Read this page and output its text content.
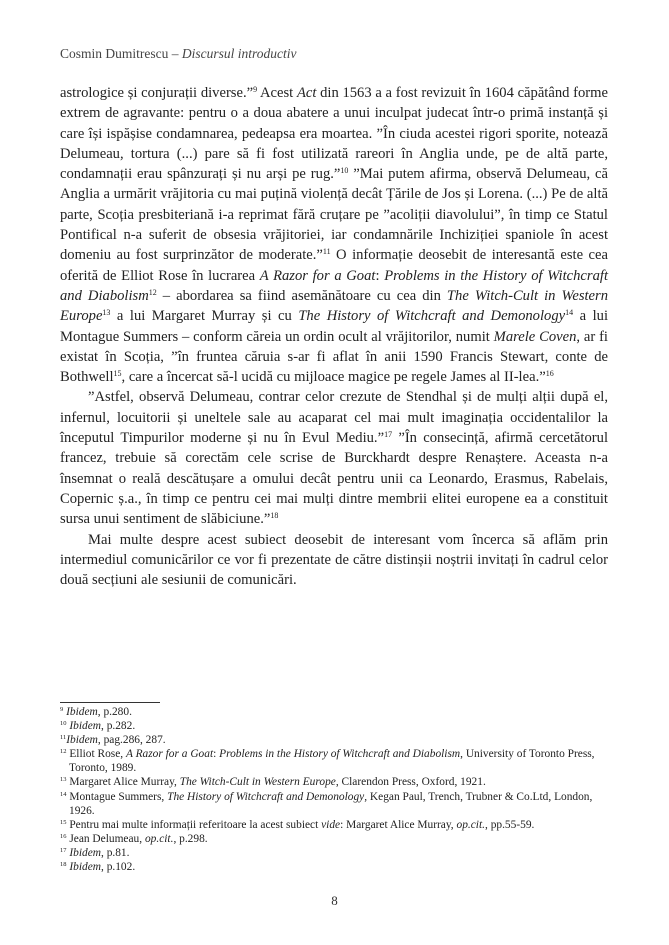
Cosmin Dumitrescu – Discursul introductiv

astrologice și conjurații diverse.”$^9$ Acest Act din 1563 a a fost revizuit în 1604 căpătând forme extrem de agravante: pentru o a doua abatere a unui inculpat judecat într-o primă instanță și care își ispășise condamnarea, pedeapsa era moartea. ”În ciuda acestei rigori sporite, notează Delumeau, tortura (...) pare să fi fost utilizată rareori în Anglia unde, pe de altă parte, condamnații erau spânzurați și nu arși pe rug.”$^{10}$ ”Mai putem afirma, observă Delumeau, că Anglia a urmărit vrăjitoria cu mai puțină violență decât Țările de Jos și Lorena. (...) Pe de altă parte, Scoția presbiteriană i-a reprimat fără cruțare pe ”acoliții diavolului”, în timp ce Statul Pontifical n-a suferit de obsesia vrăjitoriei, iar condamnările Inchiziției spaniole în acest domeniu au fost surprinzător de moderate.”$^{11}$ O informație deosebit de interesantă este cea oferită de Elliot Rose în lucrarea A Razor for a Goat: Problems in the History of Witchcraft and Diabolism$^{12}$ – abordarea sa fiind asemănătoare cu cea din The Witch-Cult in Western Europe$^{13}$ a lui Margaret Murray și cu The History of Witchcraft and Demonology$^{14}$ a lui Montague Summers – conform căreia un ordin ocult al vrăjitorilor, numit Marele Coven, ar fi existat în Scoția, ”în fruntea căruia s-ar fi aflat în anii 1590 Francis Stewart, conte de Bothwell$^{15}$, care a încercat să-l ucidă cu mijloace magice pe regele James al II-lea.”$^{16}$

”Astfel, observă Delumeau, contrar celor crezute de Stendhal și de mulți alții după el, infernul, locuitorii și uneltele sale au acaparat cel mai mult imaginația occidentalilor la începutul Timpurilor moderne și nu în Evul Mediu.”$^{17}$ ”În consecință, afirmă cercetătorul francez, trebuie să corectăm cele scrise de Burckhardt despre Renaștere. Aceasta n-a însemnat o reală descătușare a omului decât pentru unii ca Leonardo, Erasmus, Rabelais, Copernic ș.a., în timp ce pentru cei mai mulți dintre membrii elitei europene ea a constituit sursa unui sentiment de slăbiciune.”$^{18}$

Mai multe despre acest subiect deosebit de interesant vom încerca să aflăm prin intermediul comunicărilor ce vor fi prezentate de către distinșii noștrii invitați în cadrul celor două secțiuni ale sesiunii de comunicări.

$^9$ Ibidem, p.280.

$^{10}$ Ibidem, p.282.

$^{11}$Ibidem, pag.286, 287.

$^{12}$ Elliot Rose, A Razor for a Goat: Problems in the History of Witchcraft and Diabolism, University of Toronto Press, Toronto, 1989.

$^{13}$ Margaret Alice Murray, The Witch-Cult in Western Europe, Clarendon Press, Oxford, 1921.

$^{14}$ Montague Summers, The History of Witchcraft and Demonology, Kegan Paul, Trench, Trubner & Co.Ltd, London, 1926.

$^{15}$ Pentru mai multe informații referitoare la acest subiect vide: Margaret Alice Murray, op.cit., pp.55-59.

$^{16}$ Jean Delumeau, op.cit., p.298.

$^{17}$ Ibidem, p.81.

$^{18}$ Ibidem, p.102.

8
